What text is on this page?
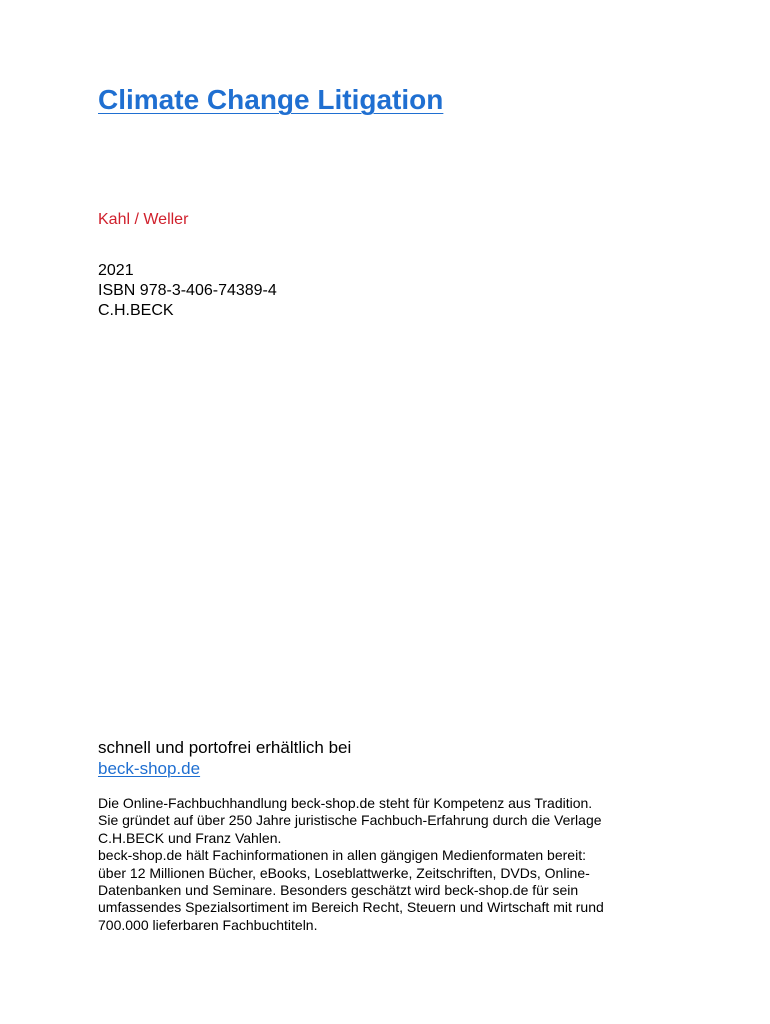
Climate Change Litigation
Kahl / Weller
2021
ISBN 978-3-406-74389-4
C.H.BECK
schnell und portofrei erhältlich bei
beck-shop.de
Die Online-Fachbuchhandlung beck-shop.de steht für Kompetenz aus Tradition.
Sie gründet auf über 250 Jahre juristische Fachbuch-Erfahrung durch die Verlage
C.H.BECK und Franz Vahlen.
beck-shop.de hält Fachinformationen in allen gängigen Medienformaten bereit:
über 12 Millionen Bücher, eBooks, Loseblattwerke, Zeitschriften, DVDs, Online-
Datenbanken und Seminare. Besonders geschätzt wird beck-shop.de für sein
umfassendes Spezialsortiment im Bereich Recht, Steuern und Wirtschaft mit rund
700.000 lieferbaren Fachbuchtiteln.
